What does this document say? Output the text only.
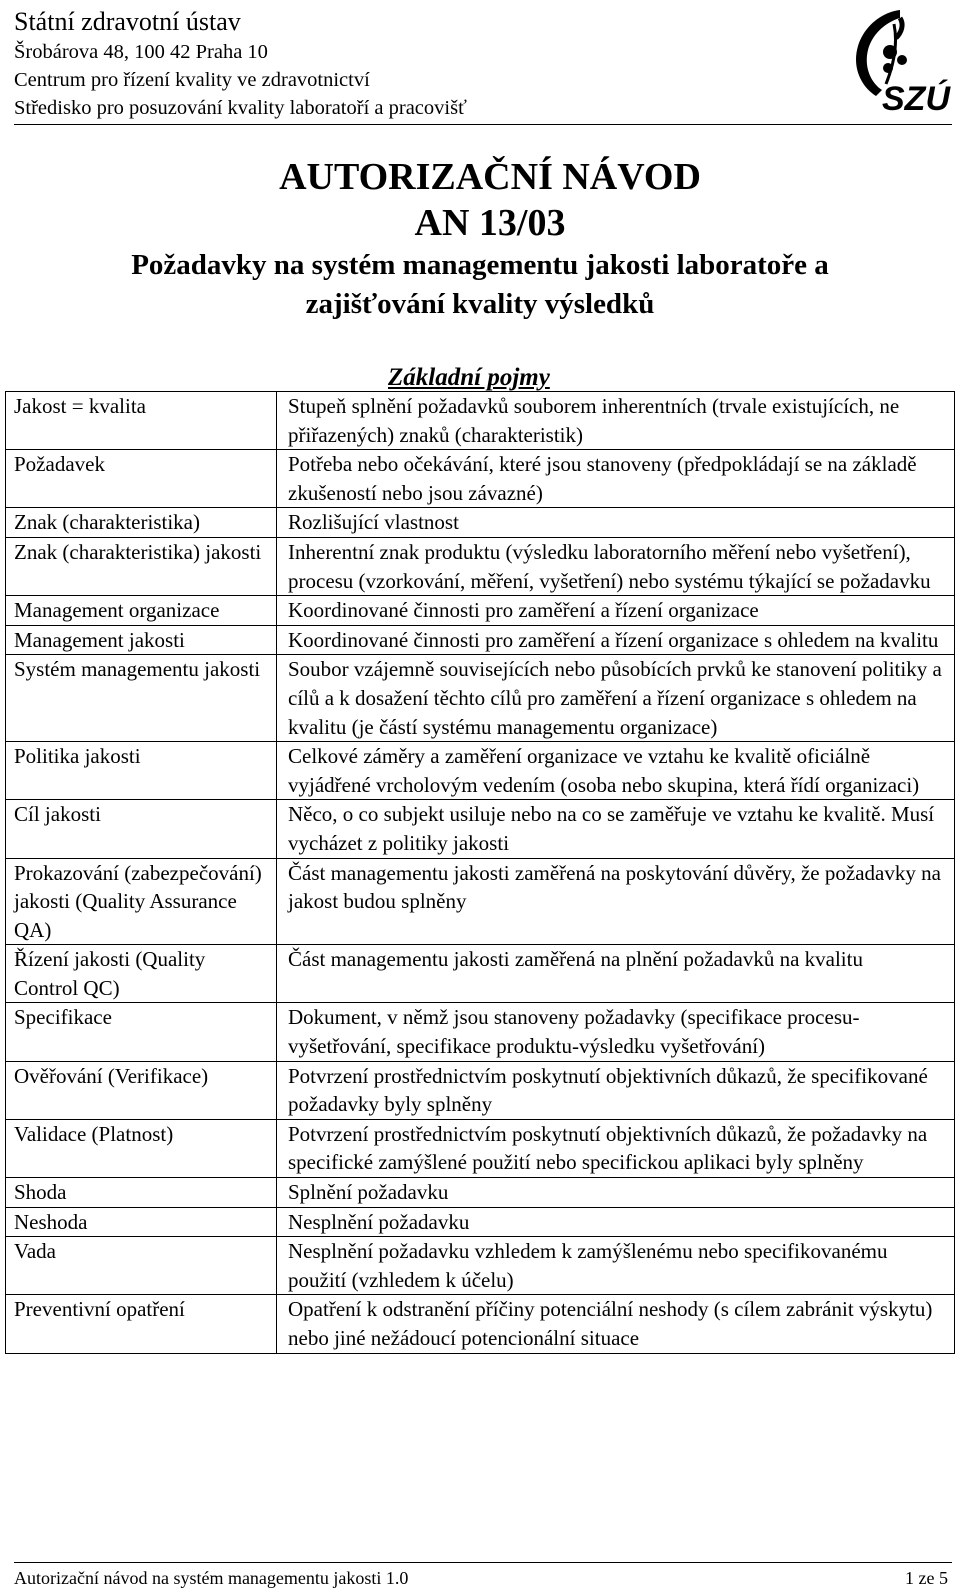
Státní zdravotní ústav
Šrobárova 48, 100 42 Praha 10
Centrum pro řízení kvality ve zdravotnictví
Středisko pro posuzování kvality laboratoří a pracovišť	SZÚ
AUTORIZAČNÍ NÁVOD
AN 13/03
Požadavky na systém managementu jakosti laboratoře a
zajišťování kvality výsledků
Základní pojmy
Jakost = kvalita	Stupeň splnění požadavků souborem inherentních (trvale existujících, ne přiřazených) znaků (charakteristik)
Požadavek	Potřeba nebo očekávání, které jsou stanoveny (předpokládají se na základě zkušeností nebo jsou závazné)
Znak (charakteristika)	Rozlišující vlastnost
Znak (charakteristika) jakosti	Inherentní znak produktu (výsledku laboratorního měření nebo vyšetření), procesu (vzorkování, měření, vyšetření) nebo systému týkající se požadavku
Management organizace	Koordinované činnosti pro zaměření a řízení organizace
Management jakosti	Koordinované činnosti pro zaměření a řízení organizace s ohledem na kvalitu
Systém managementu jakosti	Soubor vzájemně souvisejících nebo působících prvků ke stanovení politiky a cílů a k dosažení těchto cílů pro zaměření a řízení organizace s ohledem na kvalitu (je částí systému managementu organizace)
Politika jakosti	Celkové záměry a zaměření organizace ve vztahu ke kvalitě oficiálně vyjádřené vrcholovým vedením (osoba nebo skupina, která řídí organizaci)
Cíl jakosti	Něco, o co subjekt usiluje nebo na co se zaměřuje ve vztahu ke kvalitě. Musí vycházet z politiky jakosti
Prokazování (zabezpečování) jakosti (Quality Assurance QA)	Část managementu jakosti zaměřená na poskytování důvěry, že požadavky na jakost budou splněny
Řízení jakosti (Quality Control QC)	Část managementu jakosti zaměřená na plnění požadavků na kvalitu
Specifikace	Dokument, v němž jsou stanoveny požadavky (specifikace procesu-vyšetřování, specifikace produktu-výsledku vyšetřování)
Ověřování (Verifikace)	Potvrzení prostřednictvím poskytnutí objektivních důkazů, že specifikované požadavky byly splněny
Validace (Platnost)	Potvrzení prostřednictvím poskytnutí objektivních důkazů, že požadavky na specifické zamýšlené použití nebo specifickou aplikaci byly splněny
Shoda	Splnění požadavku
Neshoda	Nesplnění požadavku
Vada	Nesplnění požadavku vzhledem k zamýšlenému nebo specifikovanému použití (vzhledem k účelu)
Preventivní opatření	Opatření k odstranění příčiny potenciální neshody (s cílem zabránit výskytu) nebo jiné nežádoucí potencionální situace
Autorizační návod na systém managementu jakosti 1.0	1 ze 5
